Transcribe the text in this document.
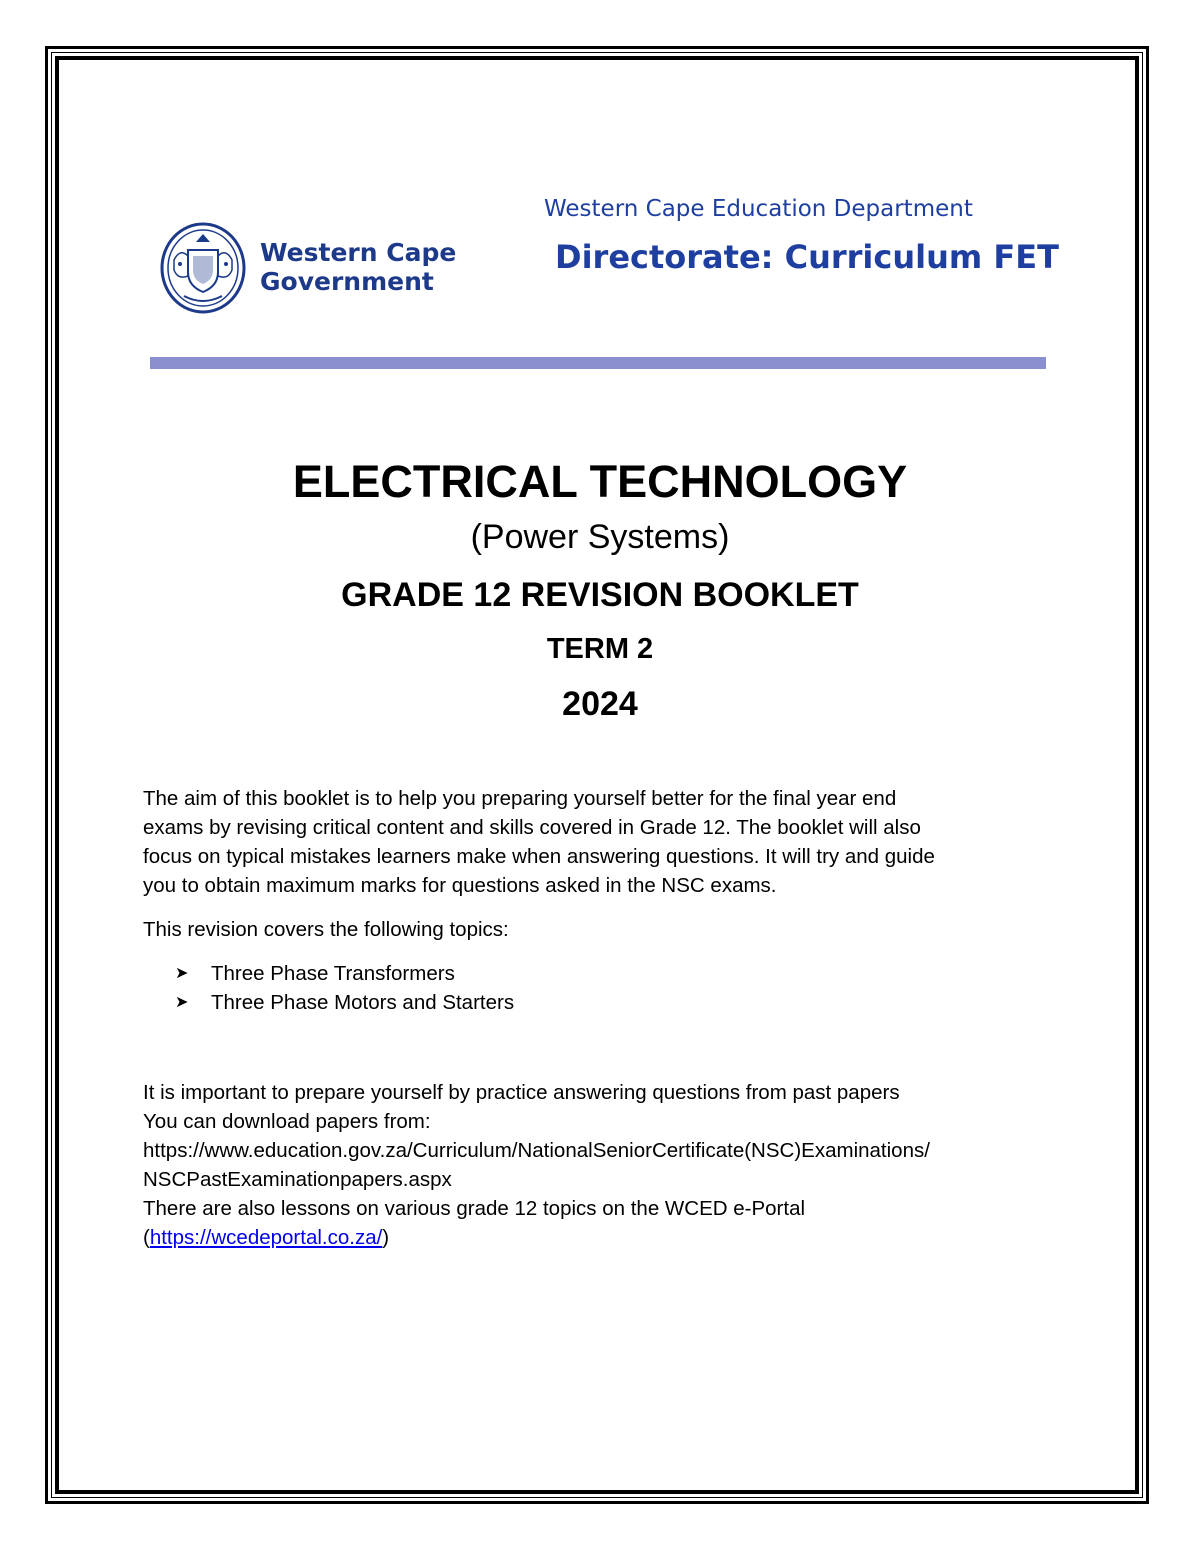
Western Cape
Government
Western Cape Education Department
Directorate: Curriculum FET
ELECTRICAL TECHNOLOGY
(Power Systems)
GRADE 12 REVISION BOOKLET
TERM 2
2024
The aim of this booklet is to help you preparing yourself better for the final year end
exams by revising critical content and skills covered in Grade 12. The booklet will also
focus on typical mistakes learners make when answering questions. It will try and guide
you to obtain maximum marks for questions asked in the NSC exams.
This revision covers the following topics:
➤	Three Phase Transformers
➤	Three Phase Motors and Starters
It is important to prepare yourself by practice answering questions from past papers
You can download papers from:
https://www.education.gov.za/Curriculum/NationalSeniorCertificate(NSC)Examinations/
NSCPastExaminationpapers.aspx
There are also lessons on various grade 12 topics on the WCED e-Portal
(https://wcedeportal.co.za/)
